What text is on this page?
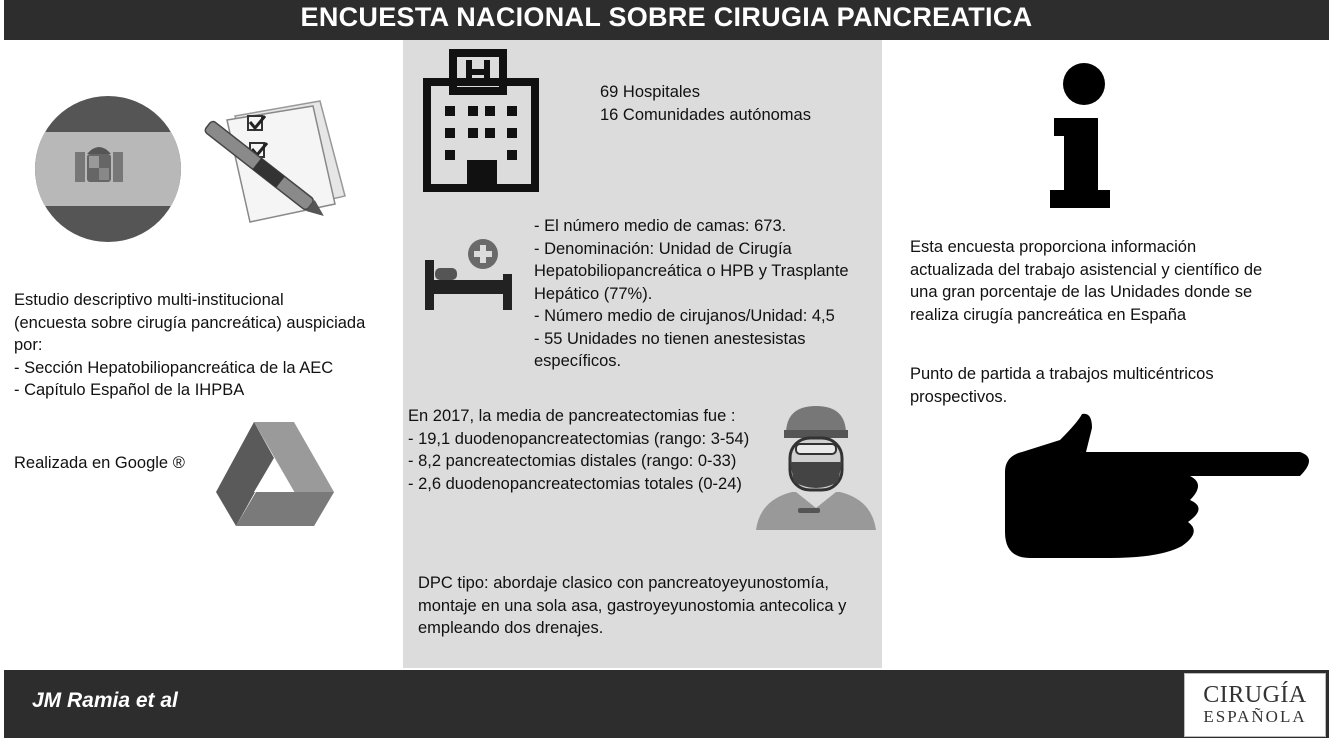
ENCUESTA NACIONAL SOBRE CIRUGIA PANCREATICA
Estudio descriptivo multi-institucional
(encuesta sobre cirugía pancreática) auspiciada
por:
- Sección Hepatobiliopancreática de la AEC
- Capítulo Español de la IHPBA
Realizada en Google ®
69 Hospitales
16 Comunidades autónomas
- El número medio de camas: 673.
- Denominación: Unidad de Cirugía
Hepatobiliopancreática o HPB y Trasplante
Hepático (77%).
- Número medio de cirujanos/Unidad: 4,5
- 55 Unidades no tienen anestesistas
específicos.
En 2017, la media de pancreatectomias fue :
- 19,1 duodenopancreatectomias (rango: 3-54)
- 8,2 pancreatectomias distales (rango: 0-33)
- 2,6 duodenopancreatectomias totales (0-24)
DPC tipo: abordaje clasico con pancreatoyeyunostomía,
montaje en una sola asa, gastroyeyunostomia antecolica y
empleando dos drenajes.
Esta encuesta proporciona información
actualizada del trabajo asistencial y científico de
una gran porcentaje de las Unidades donde se
realiza cirugía pancreática en España
Punto de partida a trabajos multicéntricos
prospectivos.
JM Ramia et al	CIRUGÍA
ESPAÑOLA
